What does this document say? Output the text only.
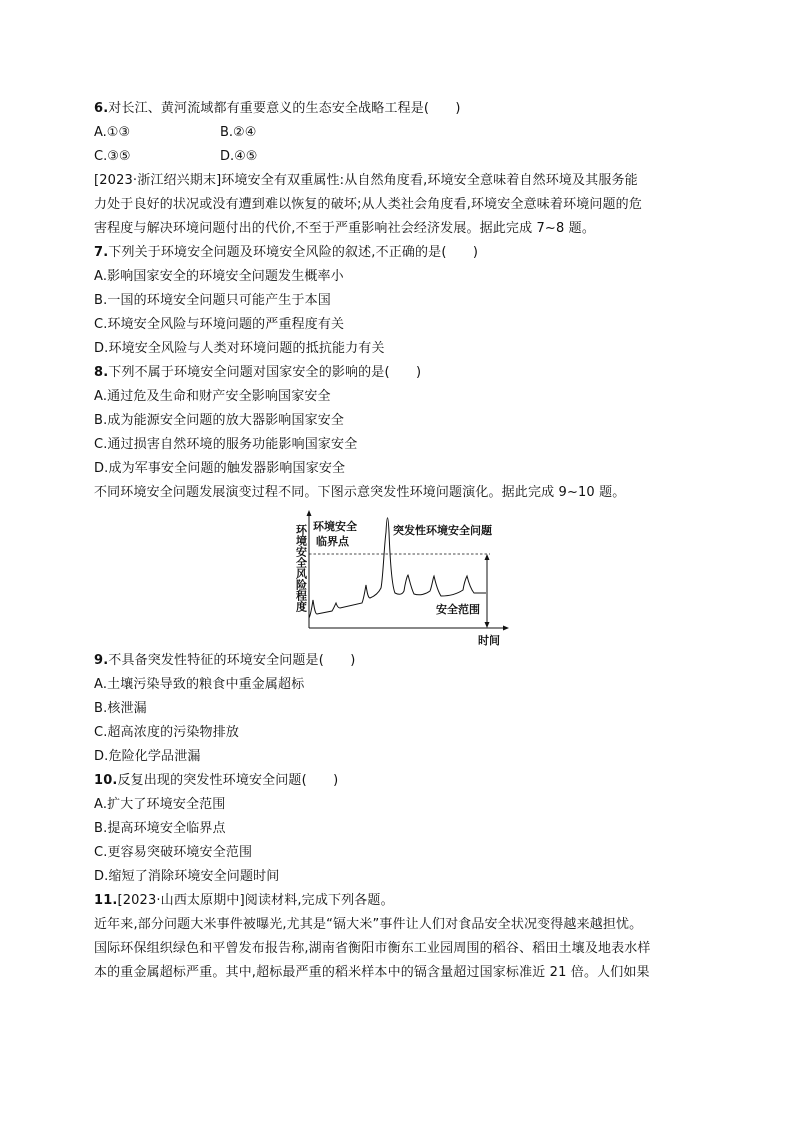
6.对长江、黄河流域都有重要意义的生态安全战略工程是(　　)
A.①③	B.②④
C.③⑤	D.④⑤
[2023·浙江绍兴期末]环境安全有双重属性:从自然角度看,环境安全意味着自然环境及其服务能
力处于良好的状况或没有遭到难以恢复的破坏;从人类社会角度看,环境安全意味着环境问题的危
害程度与解决环境问题付出的代价,不至于严重影响社会经济发展。据此完成 7~8 题。
7.下列关于环境安全问题及环境安全风险的叙述,不正确的是(　　)
A.影响国家安全的环境安全问题发生概率小
B.一国的环境安全问题只可能产生于本国
C.环境安全风险与环境问题的严重程度有关
D.环境安全风险与人类对环境问题的抵抗能力有关
8.下列不属于环境安全问题对国家安全的影响的是(　　)
A.通过危及生命和财产安全影响国家安全
B.成为能源安全问题的放大器影响国家安全
C.通过损害自然环境的服务功能影响国家安全
D.成为军事安全问题的触发器影响国家安全
不同环境安全问题发展演变过程不同。下图示意突发性环境问题演化。据此完成 9~10 题。
环境安全风险程度 环境安全
临界点
突发性环境安全问题
安全范围
时间
9.不具备突发性特征的环境安全问题是(　　)
A.土壤污染导致的粮食中重金属超标
B.核泄漏
C.超高浓度的污染物排放
D.危险化学品泄漏
10.反复出现的突发性环境安全问题(　　)
A.扩大了环境安全范围
B.提高环境安全临界点
C.更容易突破环境安全范围
D.缩短了消除环境安全问题时间
11.[2023·山西太原期中]阅读材料,完成下列各题。
近年来,部分问题大米事件被曝光,尤其是“镉大米”事件让人们对食品安全状况变得越来越担忧。
国际环保组织绿色和平曾发布报告称,湖南省衡阳市衡东工业园周围的稻谷、稻田土壤及地表水样
本的重金属超标严重。其中,超标最严重的稻米样本中的镉含量超过国家标准近 21 倍。人们如果
